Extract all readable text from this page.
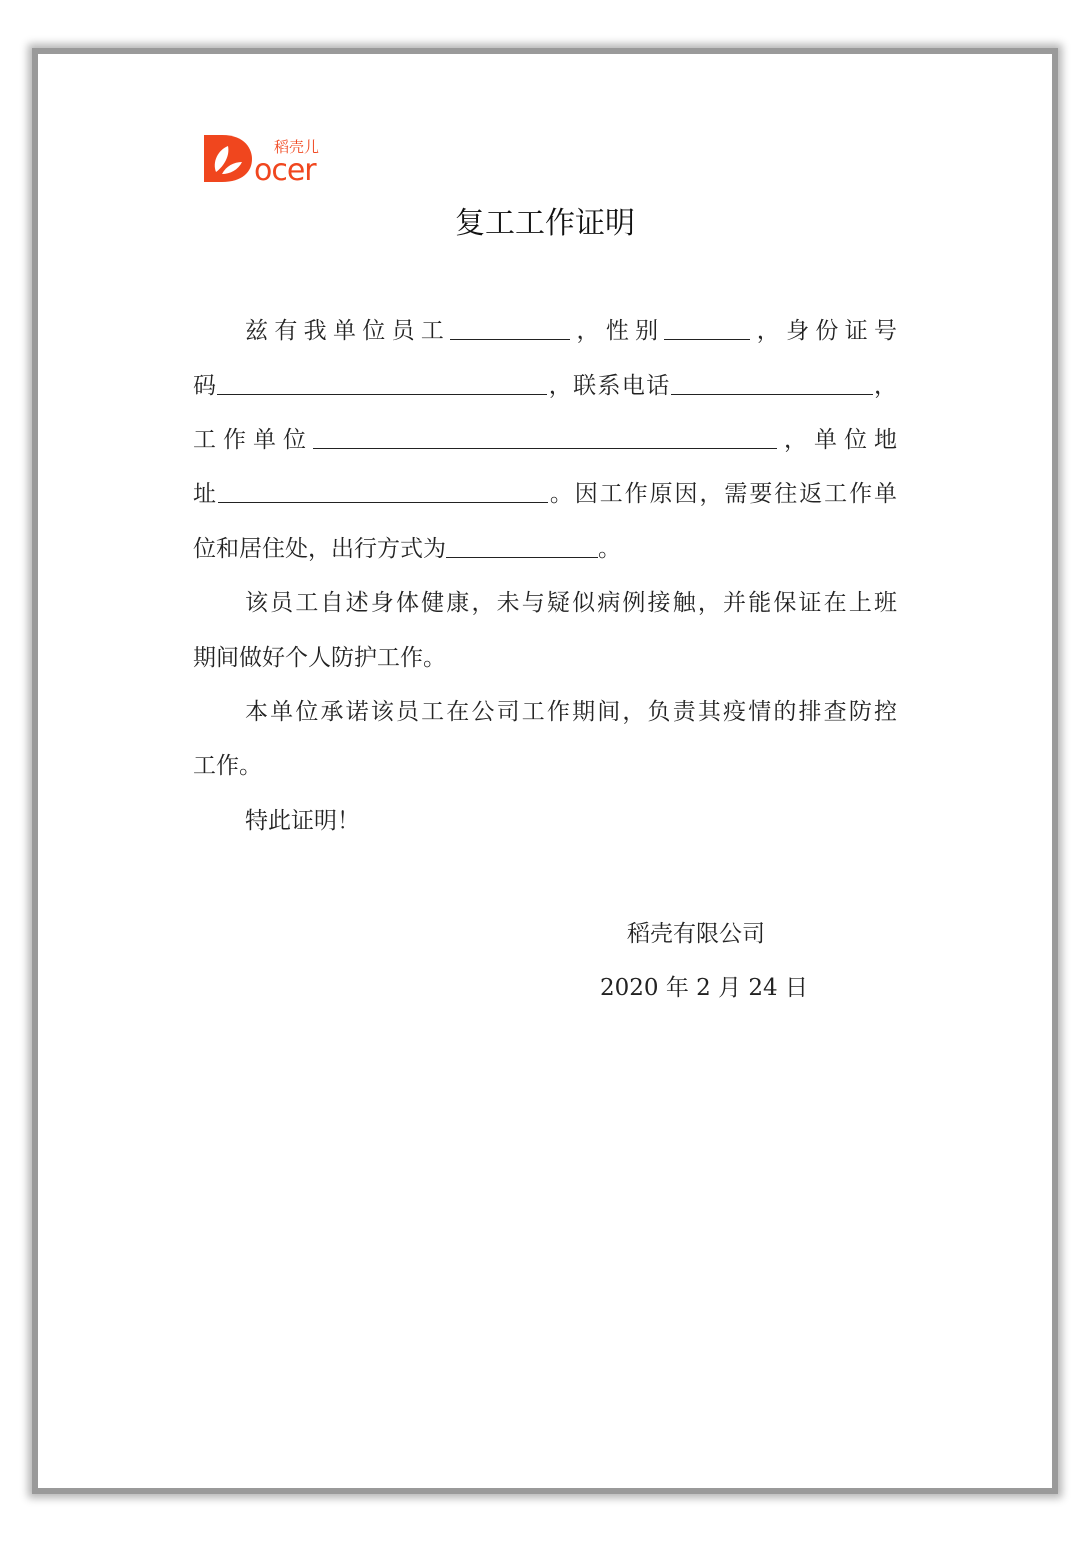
ocer
稻壳儿
复工工作证明
兹有我单位员工	，性别	，身份证号
码	，联系电话	，
工作单位	，单位地
址	。因工作原因，需要往返工作单
位和居住处，出行方式为	。
该员工自述身体健康，未与疑似病例接触，并能保证在上班
期间做好个人防护工作。
本单位承诺该员工在公司工作期间，负责其疫情的排查防控
工作。
特此证明！
稻壳有限公司
2020 年 2 月 24 日
